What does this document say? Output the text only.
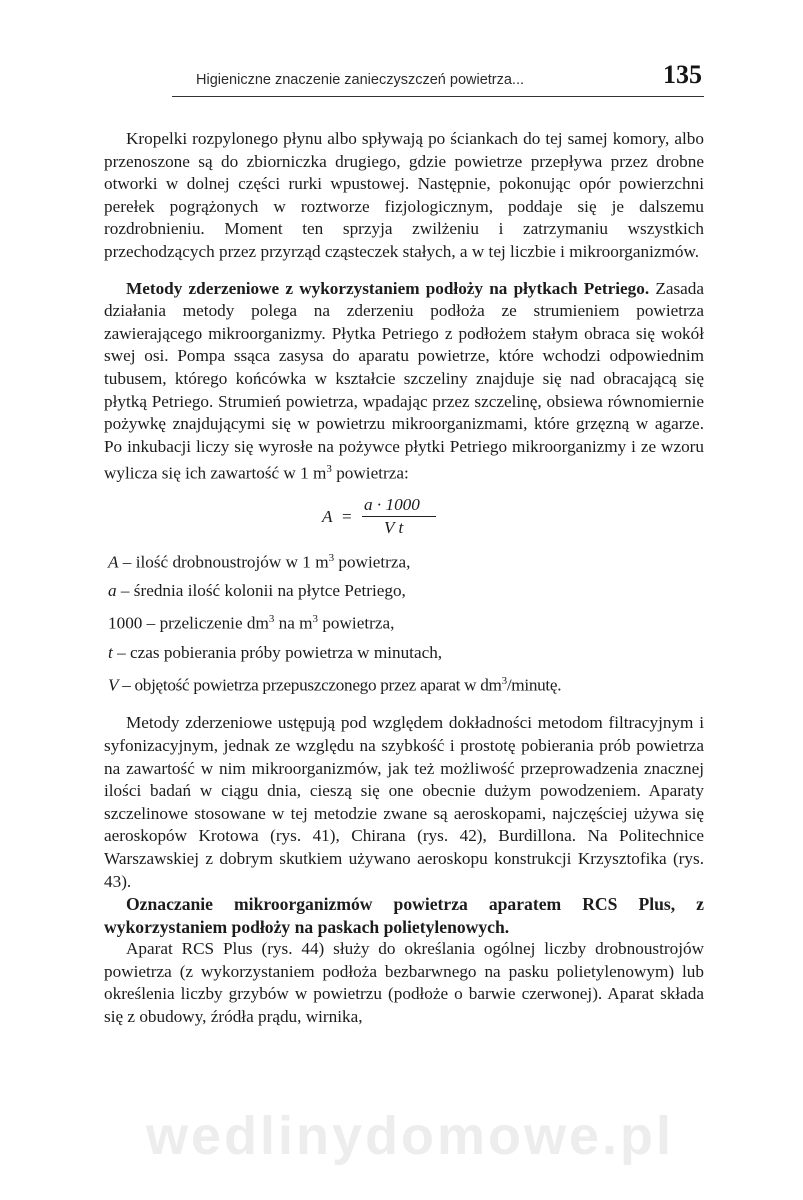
Higieniczne znaczenie zanieczyszczeń powietrza...	135

Kropelki rozpylonego płynu albo spływają po ściankach do tej samej komory, albo przenoszone są do zbiorniczka drugiego, gdzie powietrze przepływa przez drobne otworki w dolnej części rurki wpustowej. Następnie, pokonując opór powierzchni perełek pogrążonych w roztworze fizjologicznym, poddaje się je dalszemu rozdrobnieniu. Moment ten sprzyja zwilżeniu i zatrzymaniu wszystkich przechodzących przez przyrząd cząsteczek stałych, a w tej liczbie i mikroorganizmów.

Metody zderzeniowe z wykorzystaniem podłoży na płytkach Petriego. Zasada działania metody polega na zderzeniu podłoża ze strumieniem powietrza zawierającego mikroorganizmy. Płytka Petriego z podłożem stałym obraca się wokół swej osi. Pompa ssąca zasysa do aparatu powietrze, które wchodzi odpowiednim tubusem, którego końcówka w kształcie szczeliny znajduje się nad obracającą się płytką Petriego. Strumień powietrza, wpadając przez szczelinę, obsiewa równomiernie pożywkę znajdującymi się w powietrzu mikroorganizmami, które grzęzną w agarze. Po inkubacji liczy się wyrosłe na pożywce płytki Petriego mikroorganizmy i ze wzoru wylicza się ich zawartość w 1 $m^3$ powietrza:

A =
a · 1000
V t
A – ilość drobnoustrojów w 1 $m^3$ powietrza,
a – średnia ilość kolonii na płytce Petriego,
1000 – przeliczenie $dm^3$ na $m^3$ powietrza,
t – czas pobierania próby powietrza w minutach,
V – objętość powietrza przepuszczonego przez aparat w $dm^3$/minutę.

Metody zderzeniowe ustępują pod względem dokładności metodom filtracyjnym i syfonizacyjnym, jednak ze względu na szybkość i prostotę pobierania prób powietrza na zawartość w nim mikroorganizmów, jak też możliwość przeprowadzenia znacznej ilości badań w ciągu dnia, cieszą się one obecnie dużym powodzeniem. Aparaty szczelinowe stosowane w tej metodzie zwane są aeroskopami, najczęściej używa się aeroskopów Krotowa (rys. 41), Chirana (rys. 42), Burdillona. Na Politechnice Warszawskiej z dobrym skutkiem używano aeroskopu konstrukcji Krzysztofika (rys. 43).

Oznaczanie mikroorganizmów powietrza aparatem RCS Plus, z wykorzystaniem podłoży na paskach polietylenowych.

Aparat RCS Plus (rys. 44) służy do określania ogólnej liczby drobnoustrojów powietrza (z wykorzystaniem podłoża bezbarwnego na pasku polietylenowym) lub określenia liczby grzybów w powietrzu (podłoże o barwie czerwonej). Aparat składa się z obudowy, źródła prądu, wirnika,

wedlinydomowe.pl
